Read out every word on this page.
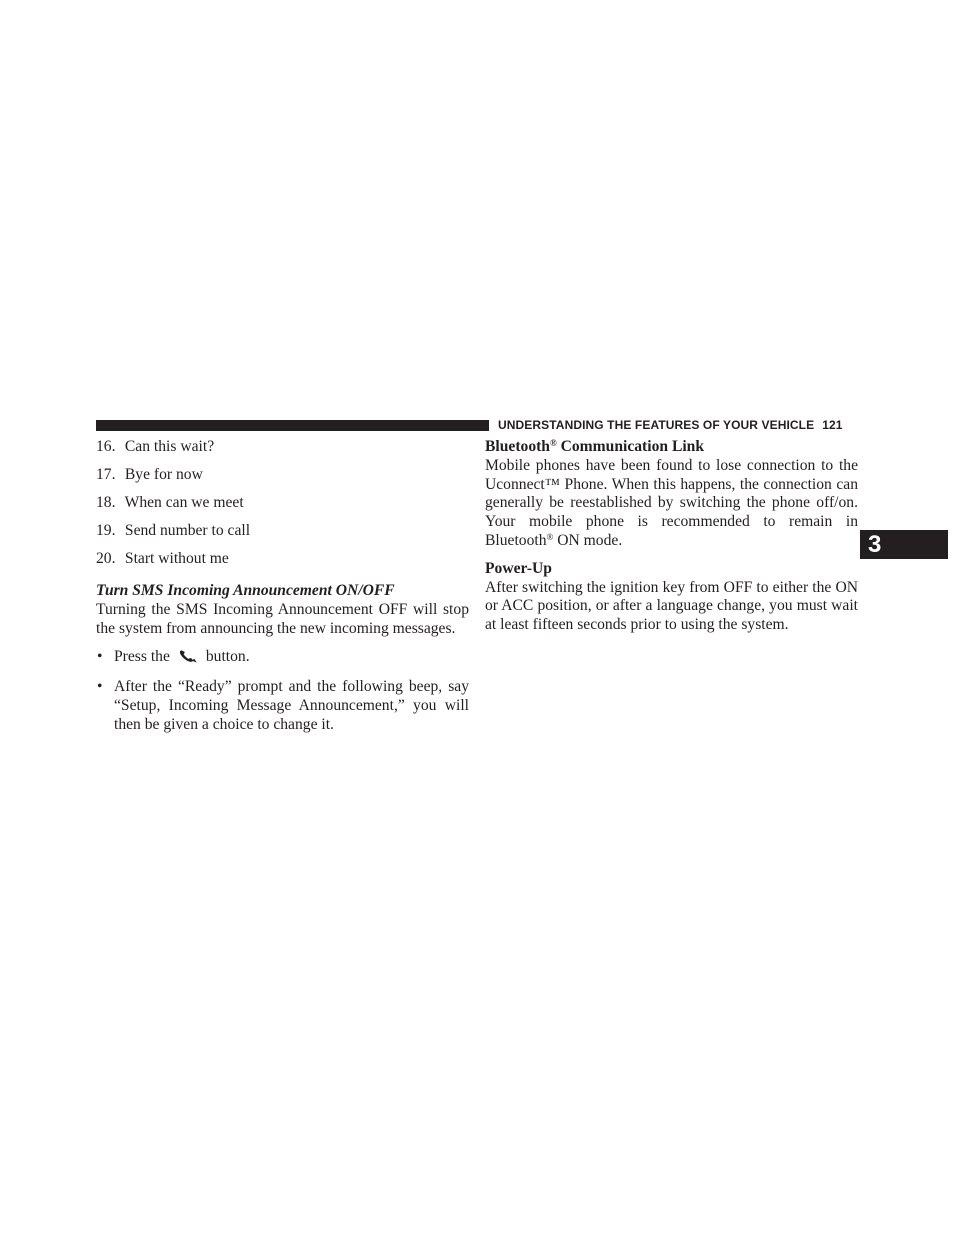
UNDERSTANDING THE FEATURES OF YOUR VEHICLE 121
3
16. Can this wait?
17. Bye for now
18. When can we meet
19. Send number to call
20. Start without me
Turn SMS Incoming Announcement ON/OFF

Turning the SMS Incoming Announcement OFF will stop the system from announcing the new incoming messages.

• Press the button.
• After the “Ready” prompt and the following beep, say “Setup, Incoming Message Announcement,” you will then be given a choice to change it.
Bluetooth® Communication Link

Mobile phones have been found to lose connection to the Uconnect™ Phone. When this happens, the connection can generally be reestablished by switching the phone off/on. Your mobile phone is recommended to remain in Bluetooth® ON mode.

Power-Up

After switching the ignition key from OFF to either the ON or ACC position, or after a language change, you must wait at least fifteen seconds prior to using the system.
